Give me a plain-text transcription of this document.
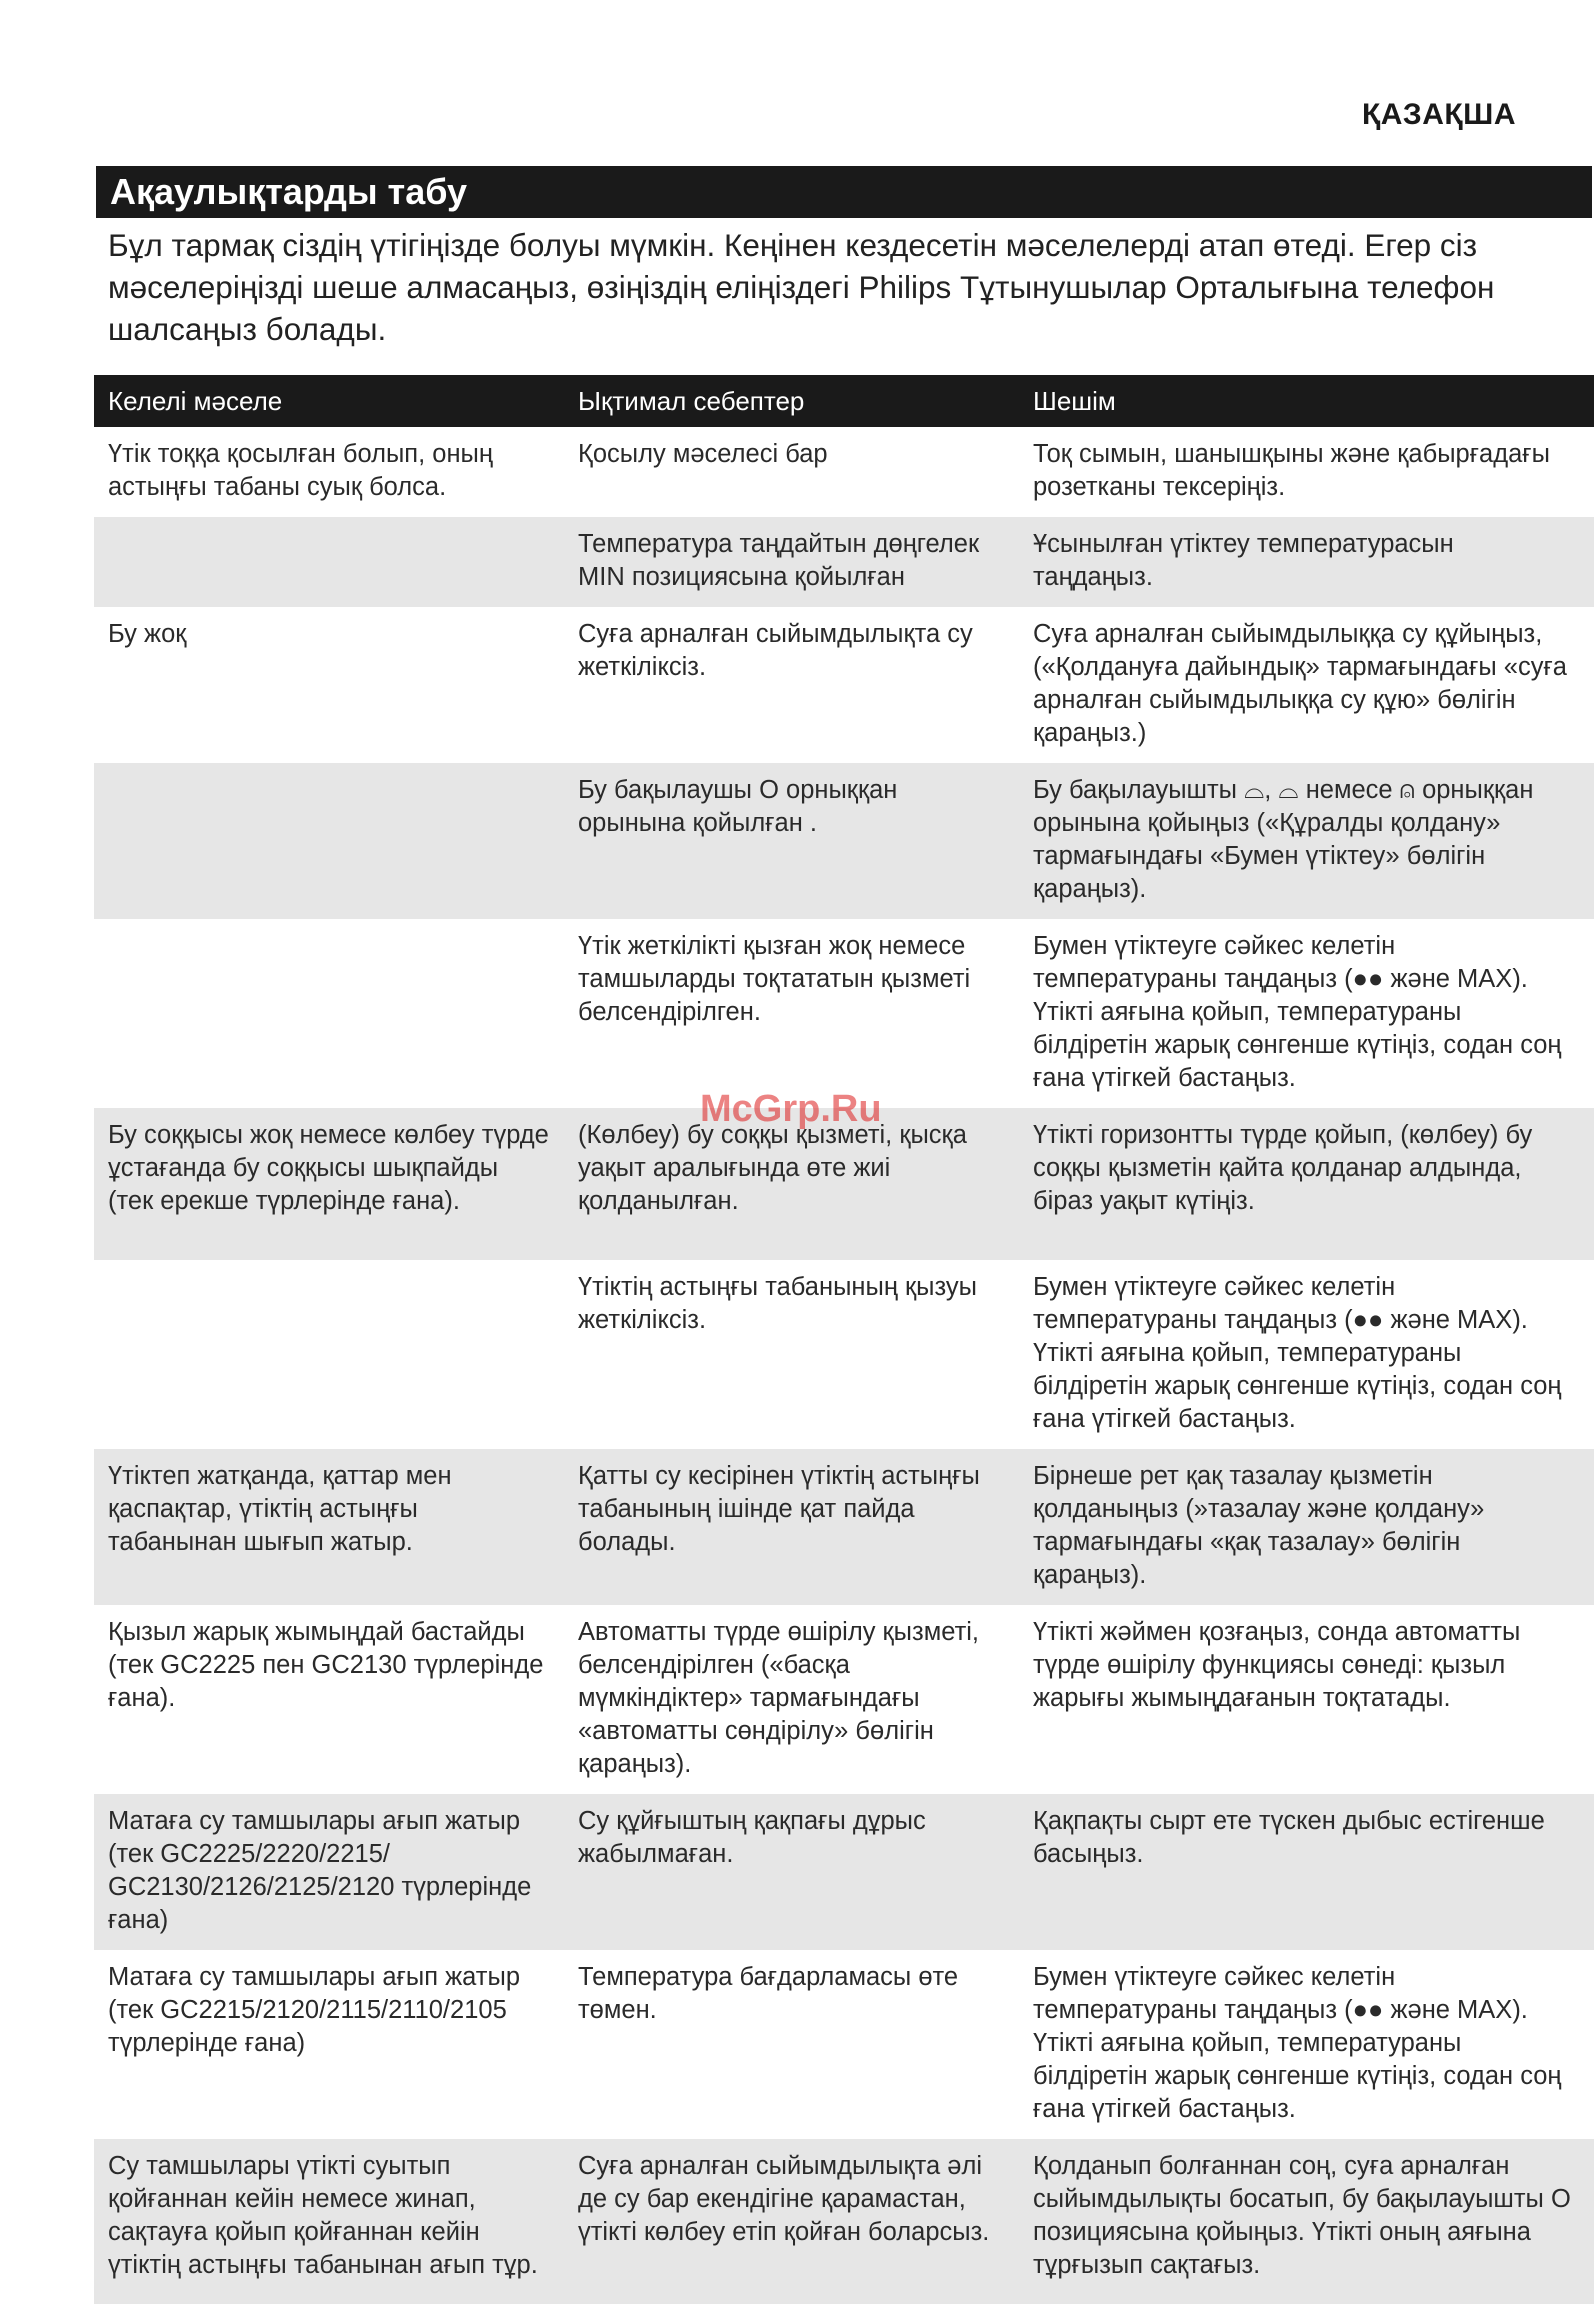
ҚАЗАҚША
Ақаулықтарды табу
Бұл тармақ сіздің үтігіңізде болуы мүмкін. Кеңінен кездесетін мәселелерді атап өтеді. Егер сіз мәселеріңізді шеше алмасаңыз, өзіңіздің еліңіздегі Philips Тұтынушылар Орталығына телефон шалсаңыз болады.
Келелі мәселе	Ықтимал себептер	Шешім
Үтік тоққа қосылған болып, оның астыңғы табаны суық болса.	Қосылу мәселесі бар	Тоқ сымын, шанышқыны және қабырғадағы розетканы тексеріңіз.
	Температура таңдайтын дөңгелек MIN позициясына қойылған	Ұсынылған үтіктеу температурасын таңдаңыз.
Бу жоқ	Суға арналған сыйымдылықта су жеткіліксіз.	Суға арналған сыйымдылыққа су құйыңыз, («Қолдануға дайындық» тармағындағы «суға арналған сыйымдылыққа су құю» бөлігін қараңыз.)
	Бу бақылаушы O орныққан орынына қойылған .	Бу бақылауышты ⌓, ⌓ немесе ⍝ орныққан орынына қойыңыз («Құралды қолдану» тармағындағы «Бумен үтіктеу» бөлігін қараңыз).
	Үтік жеткілікті қызған жоқ немесе тамшыларды тоқтататын қызметі белсендірілген.	Бумен үтіктеуге сәйкес келетін температураны таңдаңыз (●● және MAX). Үтікті аяғына қойып, температураны білдіретін жарық сөнгенше күтіңіз, содан соң ғана үтігкей бастаңыз.
Бу соққысы жоқ немесе көлбеу түрде ұстағанда бу соққысы шықпайды (тек ерекше түрлерінде ғана).	(Көлбеу) бу соққы қызметі, қысқа уақыт аралығында өте жиі қолданылған.	Үтікті горизонтты түрде қойып, (көлбеу) бу соққы қызметін қайта қолданар алдында, біраз уақыт күтіңіз.
	Үтіктің астыңғы табанының қызуы жеткіліксіз.	Бумен үтіктеуге сәйкес келетін температураны таңдаңыз (●● және MAX). Үтікті аяғына қойып, температураны білдіретін жарық сөнгенше күтіңіз, содан соң ғана үтігкей бастаңыз.
Үтіктеп жатқанда, қаттар мен қаспақтар, үтіктің астыңғы табанынан шығып жатыр.	Қатты су кесірінен үтіктің астыңғы табанының ішінде қат пайда болады.	Бірнеше рет қақ тазалау қызметін қолданыңыз (»тазалау және қолдану» тармағындағы «қақ тазалау» бөлігін қараңыз).
Қызыл жарық жымыңдай бастайды (тек GC2225 пен GC2130 түрлерінде ғана).	Автоматты түрде өшірілу қызметі, белсендірілген («басқа мүмкіндіктер» тармағындағы «автоматты сөндірілу» бөлігін қараңыз).	Үтікті жәймен қозғаңыз, сонда автоматты түрде өшірілу функциясы сөнеді: қызыл жарығы жымыңдағанын тоқтатады.
Матаға су тамшылары ағып жатыр (тек GC2225/2220/2215/ GC2130/2126/2125/2120 түрлерінде ғана)	Су құйғыштың қақпағы дұрыс жабылмаған.	Қақпақты сырт ете түскен дыбыс естігенше басыңыз.
Матаға су тамшылары ағып жатыр (тек GC2215/2120/2115/2110/2105 түрлерінде ғана)	Температура бағдарламасы өте төмен.	Бумен үтіктеуге сәйкес келетін температураны таңдаңыз (●● және MAX). Үтікті аяғына қойып, температураны білдіретін жарық сөнгенше күтіңіз, содан соң ғана үтігкей бастаңыз.
Су тамшылары үтікті суытып қойғаннан кейін немесе жинап, сақтауға қойып қойғаннан кейін үтіктің астыңғы табанынан ағып тұр.	Суға арналған сыйымдылықта әлі де су бар екендігіне қарамастан, үтікті көлбеу етіп қойған боларсыз.	Қолданып болғаннан соң, суға арналған сыйымдылықты босатып, бу бақылауышты O позициясына қойыңыз. Үтікті оның аяғына тұрғызып сақтағыз.
McGrp.Ru
